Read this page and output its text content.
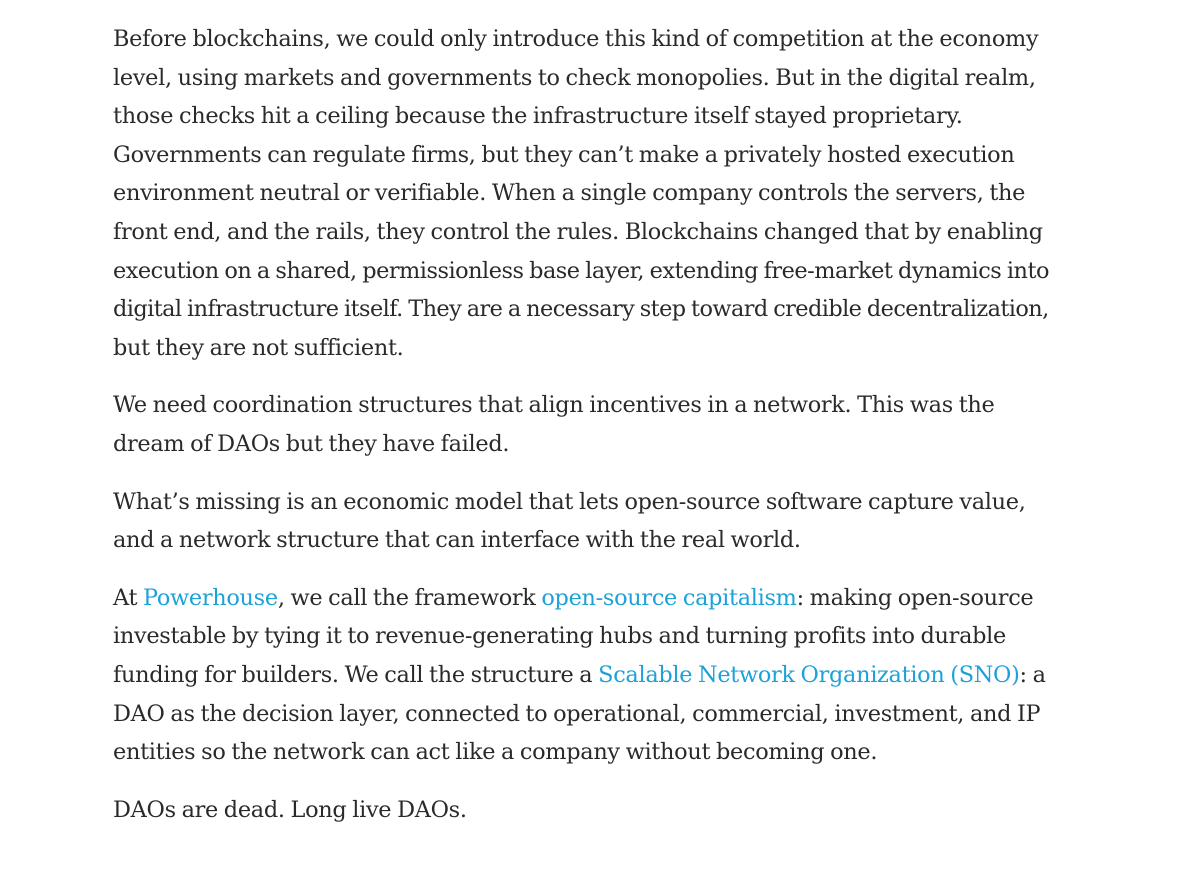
Before blockchains, we could only introduce this kind of competition at the economy
level, using markets and governments to check monopolies. But in the digital realm,
those checks hit a ceiling because the infrastructure itself stayed proprietary.
Governments can regulate firms, but they can’t make a privately hosted execution
environment neutral or verifiable. When a single company controls the servers, the
front end, and the rails, they control the rules. Blockchains changed that by enabling
execution on a shared, permissionless base layer, extending free-market dynamics into
digital infrastructure itself. They are a necessary step toward credible decentralization,
but they are not sufficient.

We need coordination structures that align incentives in a network. This was the
dream of DAOs but they have failed.

What’s missing is an economic model that lets open-source software capture value,
and a network structure that can interface with the real world.

At Powerhouse, we call the framework open-source capitalism: making open-source
investable by tying it to revenue-generating hubs and turning profits into durable
funding for builders. We call the structure a Scalable Network Organization (SNO): a
DAO as the decision layer, connected to operational, commercial, investment, and IP
entities so the network can act like a company without becoming one.

DAOs are dead. Long live DAOs.
